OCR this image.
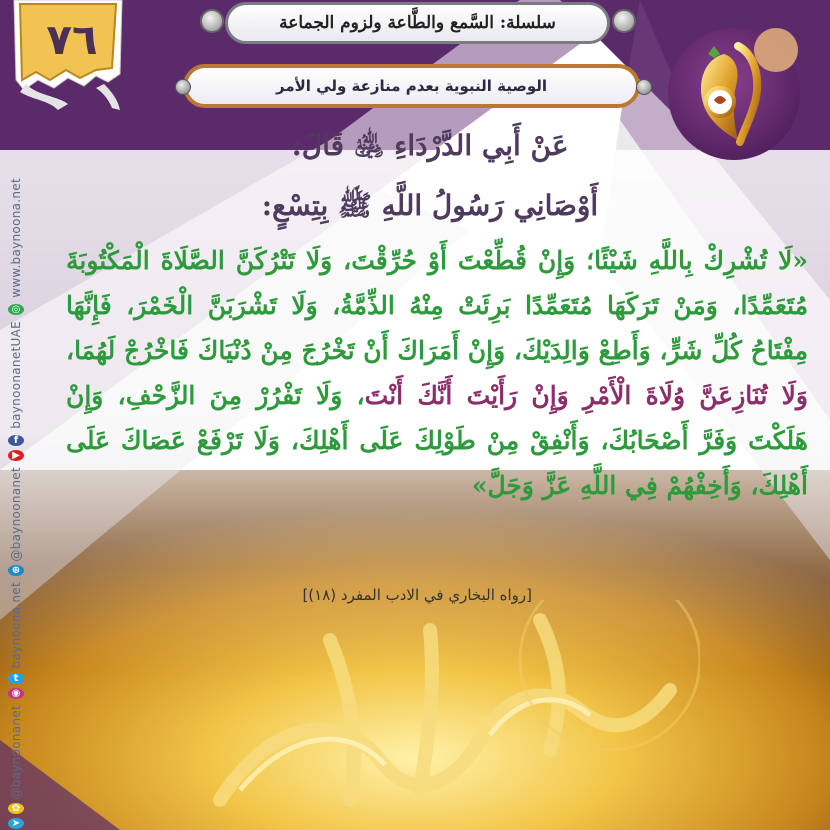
٧٦	سلسلة: السَّمع والطَّاعة ولزوم الجماعة
الوصية النبوية بعدم منازعة ولي الأمر
عَنْ أَبِي الدَّرْدَاءِ ﵁ قَالَ:
أَوْصَانِي رَسُولُ اللَّهِ ﷺ بِتِسْعٍ:
«لَا تُشْرِكْ بِاللَّهِ شَيْئًا؛ وَإِنْ قُطِّعْتَ أَوْ حُرِّقْتَ، وَلَا تَتْرُكَنَّ الصَّلَاةَ الْمَكْتُوبَةَ مُتَعَمِّدًا، وَمَنْ تَرَكَهَا مُتَعَمِّدًا بَرِئَتْ مِنْهُ الذِّمَّةُ، وَلَا تَشْرَبَنَّ الْخَمْرَ، فَإِنَّهَا مِفْتَاحُ كُلِّ شَرٍّ، وَأَطِعْ وَالِدَيْكَ، وَإِنْ أَمَرَاكَ أَنْ تَخْرُجَ مِنْ دُنْيَاكَ فَاخْرُجْ لَهُمَا، وَلَا تُنَازِعَنَّ وُلَاةَ الْأَمْرِ وَإِنْ رَأَيْتَ أَنَّكَ أَنْتَ، وَلَا تَفْرُرْ مِنَ الزَّحْفِ، وَإِنْ هَلَكْتَ وَفَرَّ أَصْحَابُكَ، وَأَنْفِقْ مِنْ طَوْلِكَ عَلَى أَهْلِكَ، وَلَا تَرْفَعْ عَصَاكَ عَلَى أَهْلِكَ، وَأَخِفْهُمْ فِي اللَّهِ عَزَّ وَجَلَّ»
[رواه البخاري في الادب المفرد (١٨)]
www.baynoona.net
◎
baynoonanetUAE
f
▶
@baynoonanet
⊕
baynoona.net
t
◉
@baynoonanet
✿
➤
